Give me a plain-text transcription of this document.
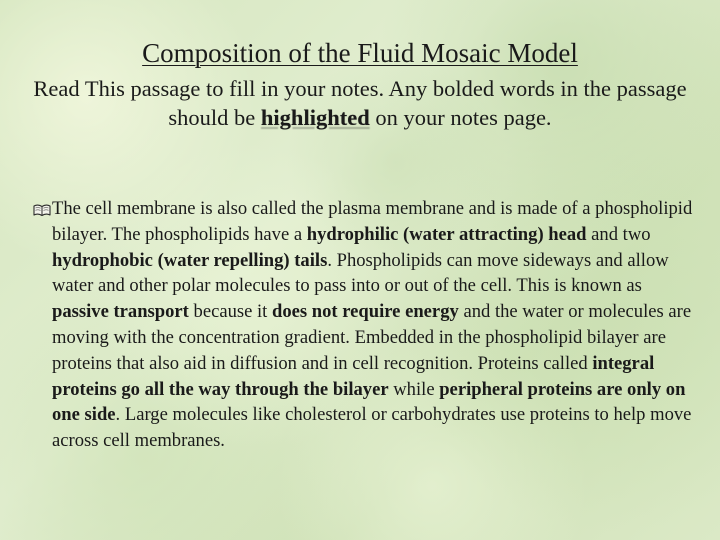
Composition of the Fluid Mosaic Model
Read This passage to fill in your notes. Any bolded words in the passage should be highlighted on your notes page.

The cell membrane is also called the plasma membrane and is made of a phospholipid bilayer. The phospholipids have a hydrophilic (water attracting) head and two hydrophobic (water repelling) tails. Phospholipids can move sideways and allow water and other polar molecules to pass into or out of the cell. This is known as passive transport because it does not require energy and the water or molecules are moving with the concentration gradient. Embedded in the phospholipid bilayer are proteins that also aid in diffusion and in cell recognition. Proteins called integral proteins go all the way through the bilayer while peripheral proteins are only on one side. Large molecules like cholesterol or carbohydrates use proteins to help move across cell membranes.
